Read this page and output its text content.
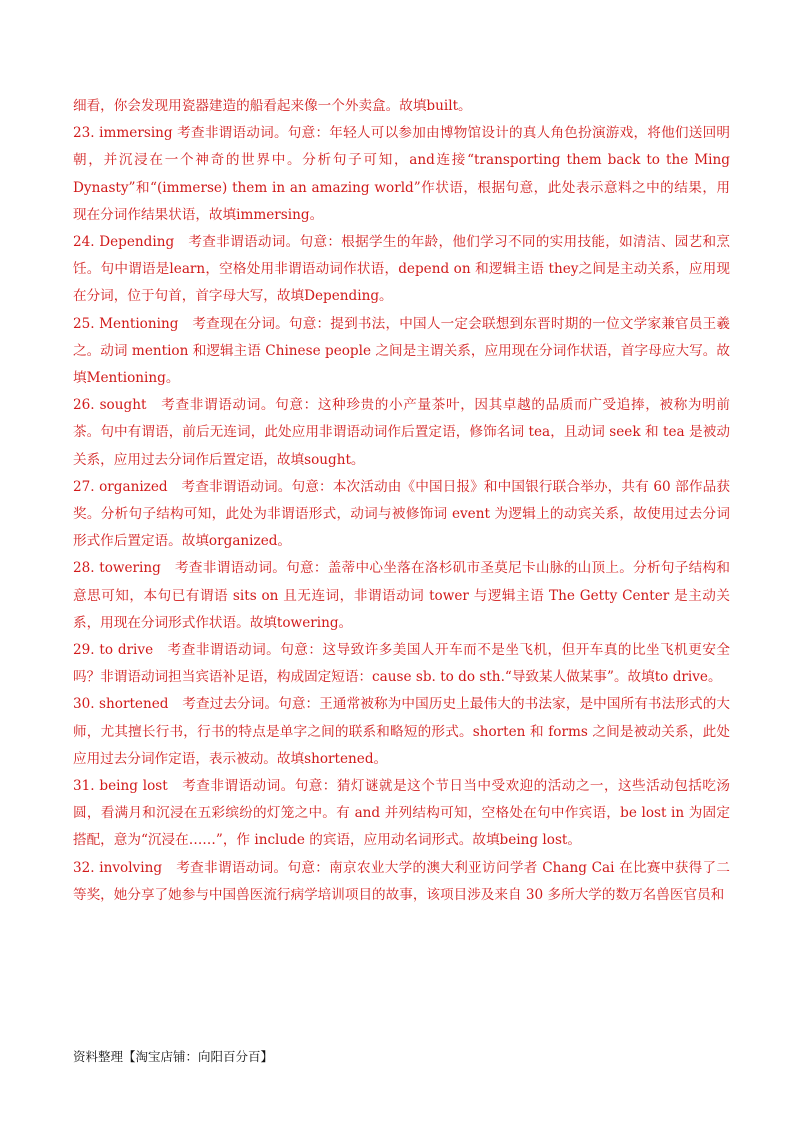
细看，你会发现用瓷器建造的船看起来像一个外卖盒。故填built。

23. immersing 考查非谓语动词。句意：年轻人可以参加由博物馆设计的真人角色扮演游戏，将他们送回明朝，并沉浸在一个神奇的世界中。分析句子可知，and连接“transporting them back to the Ming Dynasty”和“(immerse) them in an amazing world”作状语，根据句意，此处表示意料之中的结果，用现在分词作结果状语，故填immersing。

24. Depending　考查非谓语动词。句意：根据学生的年龄，他们学习不同的实用技能，如清洁、园艺和烹饪。句中谓语是learn，空格处用非谓语动词作状语，depend on 和逻辑主语 they之间是主动关系，应用现在分词，位于句首，首字母大写，故填Depending。

25. Mentioning　考查现在分词。句意：提到书法，中国人一定会联想到东晋时期的一位文学家兼官员王羲之。动词 mention 和逻辑主语 Chinese people 之间是主谓关系，应用现在分词作状语，首字母应大写。故填Mentioning。

26. sought　考查非谓语动词。句意：这种珍贵的小产量茶叶，因其卓越的品质而广受追捧，被称为明前茶。句中有谓语，前后无连词，此处应用非谓语动词作后置定语，修饰名词 tea，且动词 seek 和 tea 是被动关系，应用过去分词作后置定语，故填sought。

27. organized　考查非谓语动词。句意：本次活动由《中国日报》和中国银行联合举办，共有 60 部作品获奖。分析句子结构可知，此处为非谓语形式，动词与被修饰词 event 为逻辑上的动宾关系，故使用过去分词形式作后置定语。故填organized。

28. towering　考查非谓语动词。句意：盖蒂中心坐落在洛杉矶市圣莫尼卡山脉的山顶上。分析句子结构和意思可知，本句已有谓语 sits on 且无连词，非谓语动词 tower 与逻辑主语 The Getty Center 是主动关系，用现在分词形式作状语。故填towering。

29. to drive　考查非谓语动词。句意：这导致许多美国人开车而不是坐飞机，但开车真的比坐飞机更安全吗？非谓语动词担当宾语补足语，构成固定短语：cause sb. to do sth.“导致某人做某事”。故填to drive。

30. shortened　考查过去分词。句意：王通常被称为中国历史上最伟大的书法家，是中国所有书法形式的大师，尤其擅长行书，行书的特点是单字之间的联系和略短的形式。shorten 和 forms 之间是被动关系，此处应用过去分词作定语，表示被动。故填shortened。

31. being lost　考查非谓语动词。句意：猜灯谜就是这个节日当中受欢迎的活动之一，这些活动包括吃汤圆，看满月和沉浸在五彩缤纷的灯笼之中。有 and 并列结构可知，空格处在句中作宾语，be lost in 为固定搭配，意为“沉浸在……”，作 include 的宾语，应用动名词形式。故填being lost。

32. involving　考查非谓语动词。句意：南京农业大学的澳大利亚访问学者 Chang Cai 在比赛中获得了二等奖，她分享了她参与中国兽医流行病学培训项目的故事，该项目涉及来自 30 多所大学的数万名兽医官员和

资料整理【淘宝店铺：向阳百分百】
